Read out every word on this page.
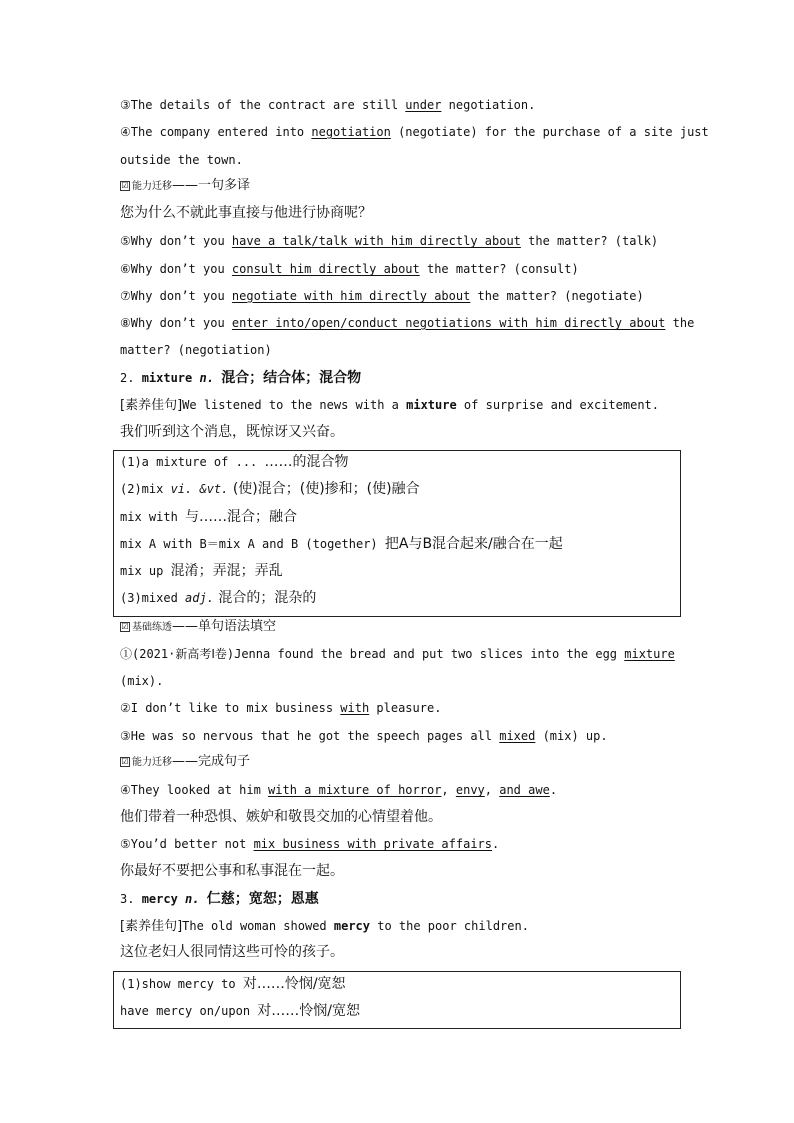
③The details of the contract are still under negotiation.
④The company entered into negotiation (negotiate) for the purchase of a site just
outside the town.
☑ 能力迁移——一句多译
您为什么不就此事直接与他进行协商呢？
⑤Why don’t you have a talk/talk with him directly about the matter? (talk)
⑥Why don’t you consult him directly about the matter? (consult)
⑦Why don’t you negotiate with him directly about the matter? (negotiate)
⑧Why don’t you enter into/open/conduct negotiations with him directly about the
matter? (negotiation)
2. mixture n. 混合；结合体；混合物
[素养佳句]We listened to the news with a mixture of surprise and excitement.
我们听到这个消息，既惊讶又兴奋。
(1)a mixture of ... ……的混合物
(2)mix vi. &vt. (使)混合；(使)掺和；(使)融合
mix with 与……混合；融合
mix A with B＝mix A and B (together) 把A与B混合起来/融合在一起
mix up 混淆；弄混；弄乱
(3)mixed adj. 混合的；混杂的
☑ 基础练透——单句语法填空
①(2021·新高考Ⅰ卷)Jenna found the bread and put two slices into the egg mixture
(mix).
②I don’t like to mix business with pleasure.
③He was so nervous that he got the speech pages all mixed (mix) up.
☑ 能力迁移——完成句子
④They looked at him with a mixture of horror, envy, and awe.
他们带着一种恐惧、嫉妒和敬畏交加的心情望着他。
⑤You’d better not mix business with private affairs.
你最好不要把公事和私事混在一起。
3. mercy n. 仁慈；宽恕；恩惠
[素养佳句]The old woman showed mercy to the poor children.
这位老妇人很同情这些可怜的孩子。
(1)show mercy to 对……怜悯/宽恕
have mercy on/upon 对……怜悯/宽恕
